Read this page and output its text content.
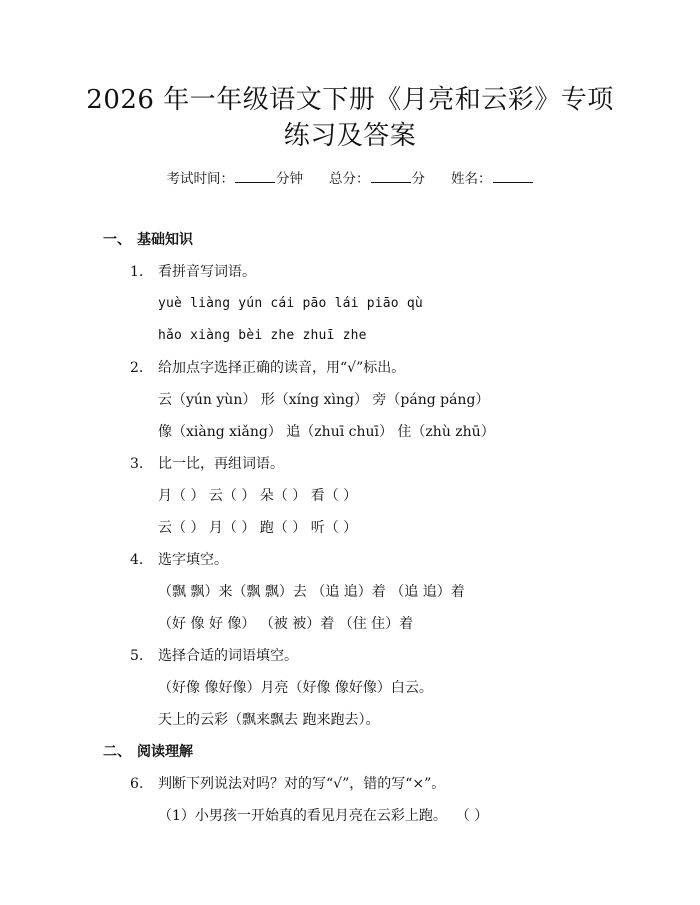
2026 年一年级语文下册《月亮和云彩》专项
练习及答案
考试时间：	分钟 总分：	分 姓名：
一、 基础知识
1. 看拼音写词语。
yuè liàng yún cái pāo lái piāo qù
hǎo xiàng bèi zhe zhuī zhe
2. 给加点字选择正确的读音，用“√”标出。
云（yún yùn） 形（xíng xìng） 旁（páng páng）
像（xiàng xiǎng） 追（zhuī chuī） 住（zhù zhū）
3. 比一比，再组词语。
月（ ） 云（ ） 朵（ ） 看（ ）
云（ ） 月（ ） 跑（ ） 听（ ）
4. 选字填空。
（飘 飘）来（飘 飘）去 （追 追）着 （追 追）着
（好 像 好 像） （被 被）着 （住 住）着
5. 选择合适的词语填空。
（好像 像好像）月亮（好像 像好像）白云。
天上的云彩（飘来飘去 跑来跑去）。
二、 阅读理解
6. 判断下列说法对吗？对的写“√”，错的写“×”。
（1）小男孩一开始真的看见月亮在云彩上跑。  （ ）
